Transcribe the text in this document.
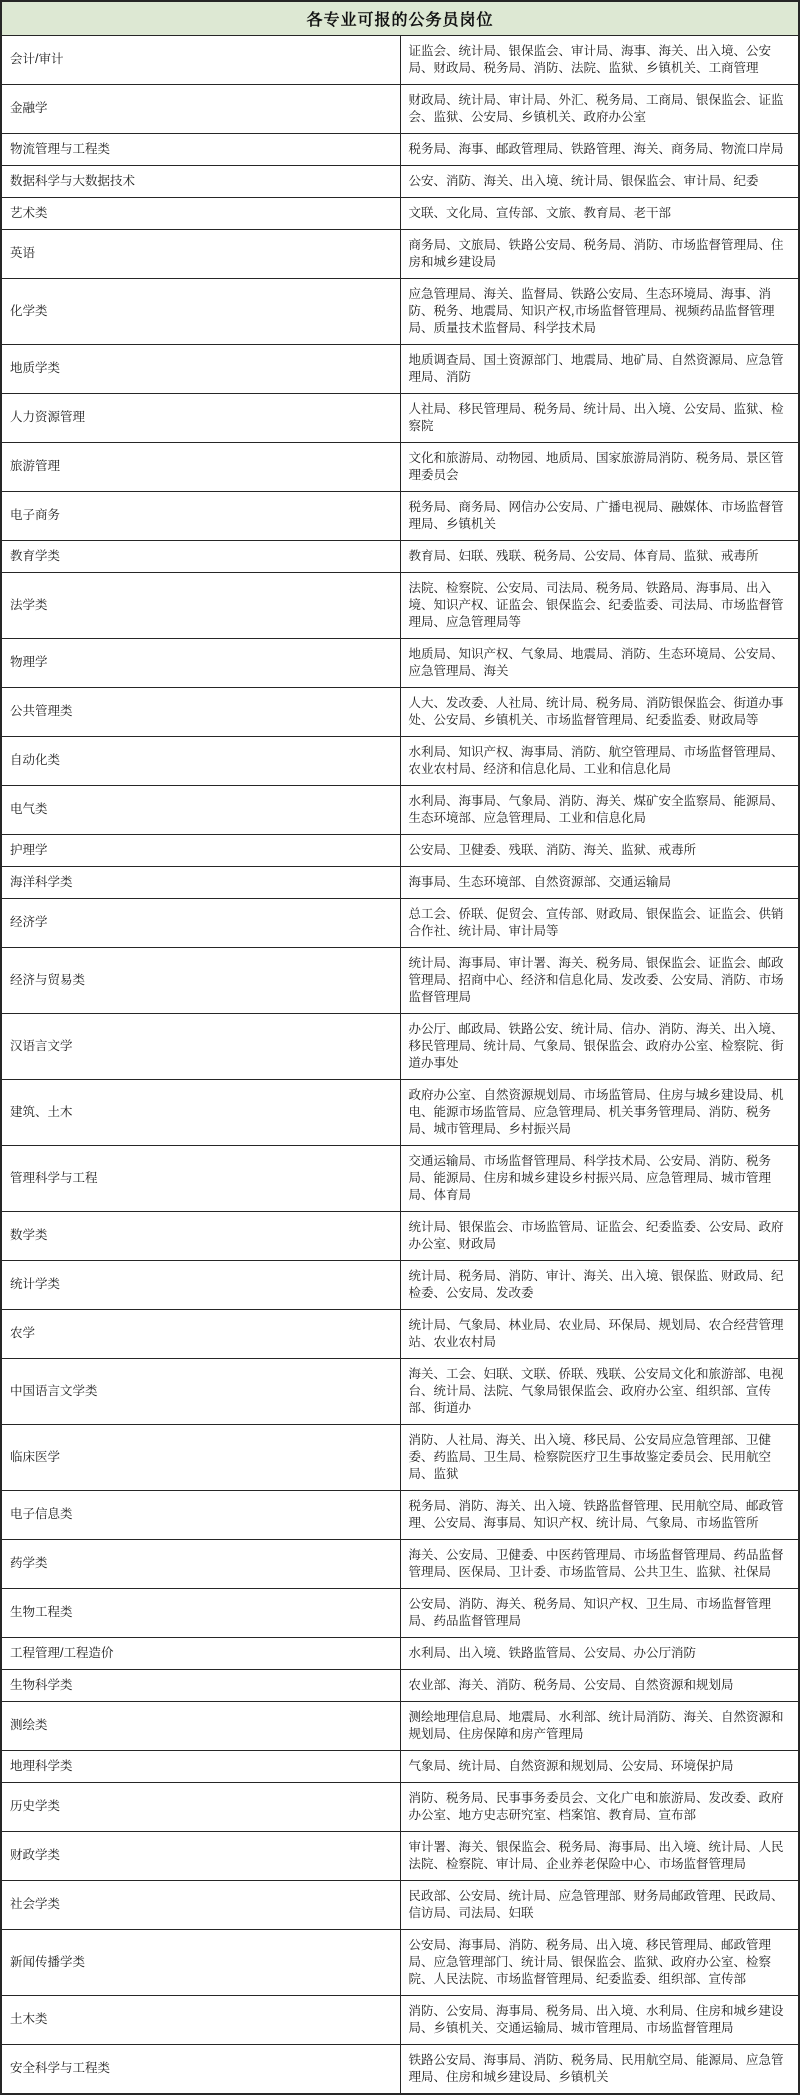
各专业可报的公务员岗位	
会计/审计	证监会、统计局、银保监会、审计局、海事、海关、出入境、公安局、财政局、税务局、消防、法院、监狱、乡镇机关、工商管理
金融学	财政局、统计局、审计局、外汇、税务局、工商局、银保监会、证监会、监狱、公安局、乡镇机关、政府办公室
物流管理与工程类	税务局、海事、邮政管理局、铁路管理、海关、商务局、物流口岸局
数据科学与大数据技术	公安、消防、海关、出入境、统计局、银保监会、审计局、纪委
艺术类	文联、文化局、宣传部、文旅、教育局、老干部
英语	商务局、文旅局、铁路公安局、税务局、消防、市场监督管理局、住房和城乡建设局
化学类	应急管理局、海关、监督局、铁路公安局、生态环境局、海事、消防、税务、地震局、知识产权,市场监督管理局、视频药品监督管理局、质量技术监督局、科学技术局
地质学类	地质调查局、国土资源部门、地震局、地矿局、自然资源局、应急管理局、消防
人力资源管理	人社局、移民管理局、税务局、统计局、出入境、公安局、监狱、检察院
旅游管理	文化和旅游局、动物园、地质局、国家旅游局消防、税务局、景区管理委员会
电子商务	税务局、商务局、网信办公安局、广播电视局、融媒体、市场监督管理局、乡镇机关
教育学类	教育局、妇联、残联、税务局、公安局、体育局、监狱、戒毒所
法学类	法院、检察院、公安局、司法局、税务局、铁路局、海事局、出入境、知识产权、证监会、银保监会、纪委监委、司法局、市场监督管理局、应急管理局等
物理学	地质局、知识产权、气象局、地震局、消防、生态环境局、公安局、应急管理局、海关
公共管理类	人大、发改委、人社局、统计局、税务局、消防银保监会、街道办事处、公安局、乡镇机关、市场监督管理局、纪委监委、财政局等
自动化类	水利局、知识产权、海事局、消防、航空管理局、市场监督管理局、农业农村局、经济和信息化局、工业和信息化局
电气类	水利局、海事局、气象局、消防、海关、煤矿安全监察局、能源局、生态环境部、应急管理局、工业和信息化局
护理学	公安局、卫健委、残联、消防、海关、监狱、戒毒所
海洋科学类	海事局、生态环境部、自然资源部、交通运输局
经济学	总工会、侨联、促贸会、宣传部、财政局、银保监会、证监会、供销合作社、统计局、审计局等
经济与贸易类	统计局、海事局、审计署、海关、税务局、银保监会、证监会、邮政管理局、招商中心、经济和信息化局、发改委、公安局、消防、市场监督管理局
汉语言文学	办公厅、邮政局、铁路公安、统计局、信办、消防、海关、出入境、移民管理局、统计局、气象局、银保监会、政府办公室、检察院、街道办事处
建筑、土木	政府办公室、自然资源规划局、市场监管局、住房与城乡建设局、机电、能源市场监管局、应急管理局、机关事务管理局、消防、税务局、城市管理局、乡村振兴局
管理科学与工程	交通运输局、市场监督管理局、科学技术局、公安局、消防、税务局、能源局、住房和城乡建设乡村振兴局、应急管理局、城市管理局、体育局
数学类	统计局、银保监会、市场监管局、证监会、纪委监委、公安局、政府办公室、财政局
统计学类	统计局、税务局、消防、审计、海关、出入境、银保监、财政局、纪检委、公安局、发改委
农学	统计局、气象局、林业局、农业局、环保局、规划局、农合经营管理站、农业农村局
中国语言文学类	海关、工会、妇联、文联、侨联、残联、公安局文化和旅游部、电视台、统计局、法院、气象局银保监会、政府办公室、组织部、宣传部、街道办
临床医学	消防、人社局、海关、出入境、移民局、公安局应急管理部、卫健委、药监局、卫生局、检察院医疗卫生事故鉴定委员会、民用航空局、监狱
电子信息类	税务局、消防、海关、出入境、铁路监督管理、民用航空局、邮政管理、公安局、海事局、知识产权、统计局、气象局、市场监管所
药学类	海关、公安局、卫健委、中医药管理局、市场监督管理局、药品监督管理局、医保局、卫计委、市场监管局、公共卫生、监狱、社保局
生物工程类	公安局、消防、海关、税务局、知识产权、卫生局、市场监督管理局、药品监督管理局
工程管理/工程造价	水利局、出入境、铁路监管局、公安局、办公厅消防
生物科学类	农业部、海关、消防、税务局、公安局、自然资源和规划局
测绘类	测绘地理信息局、地震局、水利部、统计局消防、海关、自然资源和规划局、住房保障和房产管理局
地理科学类	气象局、统计局、自然资源和规划局、公安局、环境保护局
历史学类	消防、税务局、民事事务委员会、文化广电和旅游局、发改委、政府办公室、地方史志研究室、档案馆、教育局、宣布部
财政学类	审计署、海关、银保监会、税务局、海事局、出入境、统计局、人民法院、检察院、审计局、企业养老保险中心、市场监督管理局
社会学类	民政部、公安局、统计局、应急管理部、财务局邮政管理、民政局、信访局、司法局、妇联
新闻传播学类	公安局、海事局、消防、税务局、出入境、移民管理局、邮政管理局、应急管理部门、统计局、银保监会、监狱、政府办公室、检察院、人民法院、市场监督管理局、纪委监委、组织部、宣传部
土木类	消防、公安局、海事局、税务局、出入境、水利局、住房和城乡建设局、乡镇机关、交通运输局、城市管理局、市场监督管理局
安全科学与工程类	铁路公安局、海事局、消防、税务局、民用航空局、能源局、应急管理局、住房和城乡建设局、乡镇机关
